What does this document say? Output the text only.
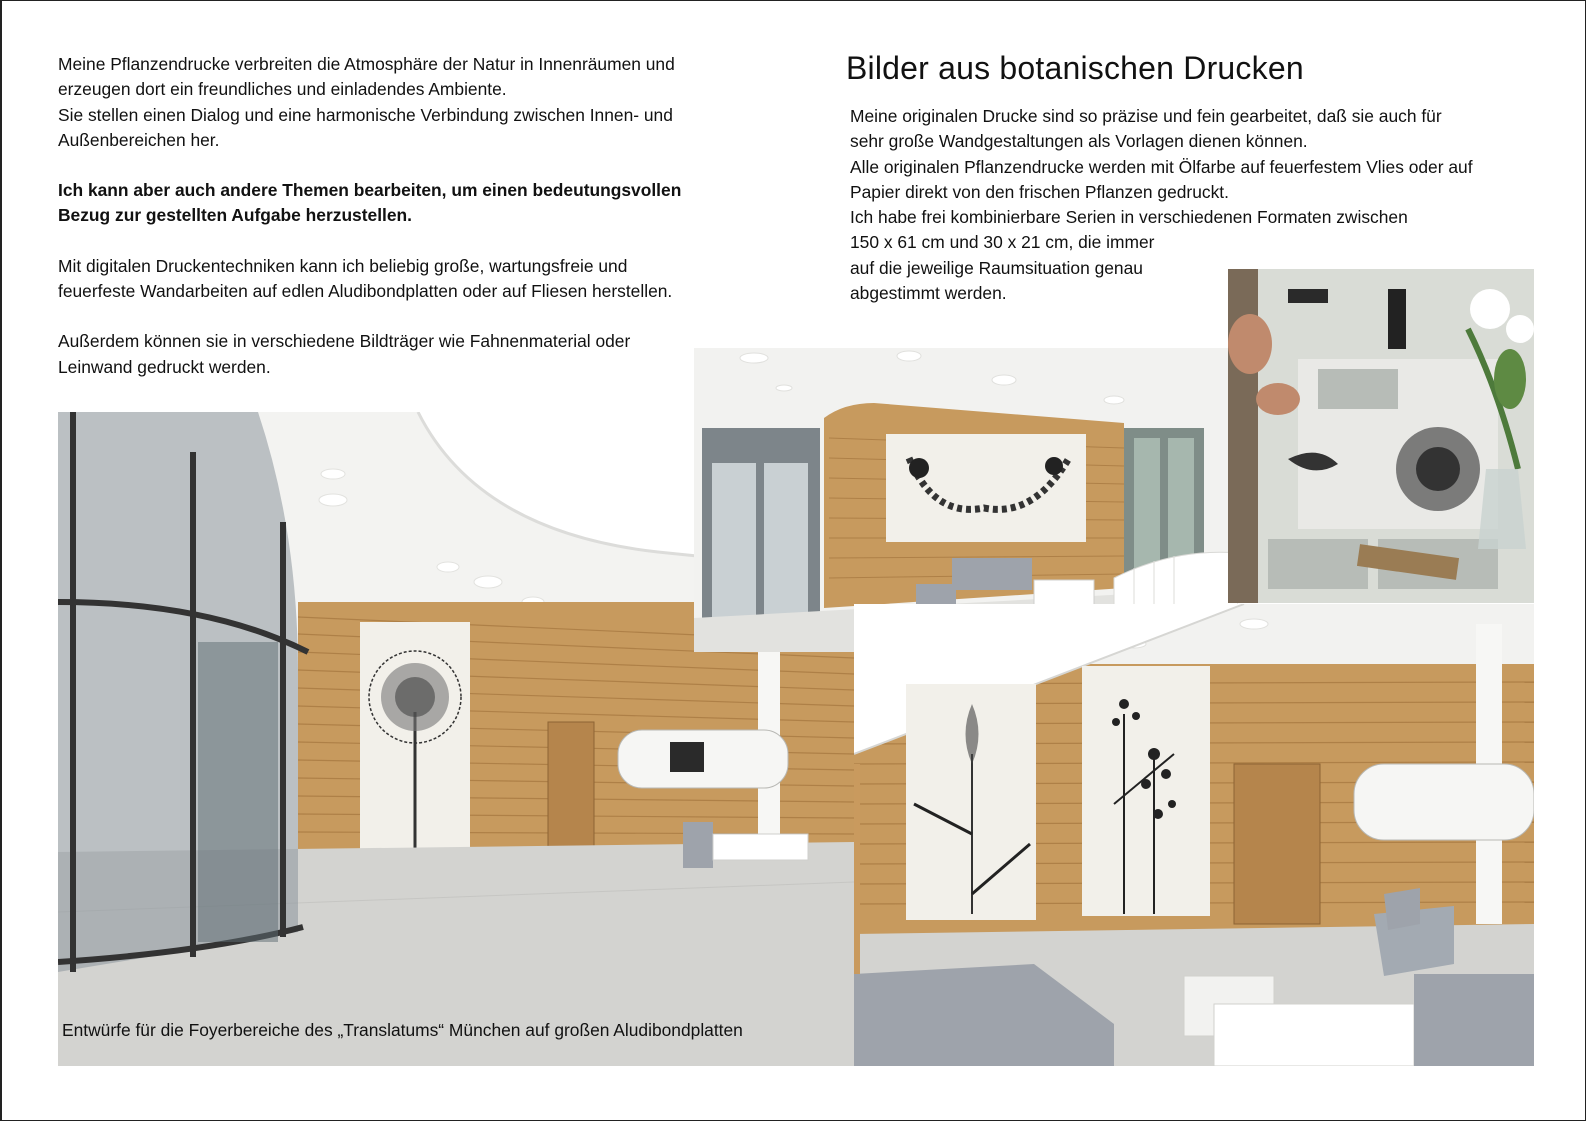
Meine Pflanzendrucke verbreiten die Atmosphäre der Natur in Innenräumen und

erzeugen dort ein freundliches und einladendes Ambiente.

Sie stellen einen Dialog und eine harmonische Verbindung zwischen Innen- und

Außenbereichen her.

Ich kann aber auch andere Themen bearbeiten, um einen bedeutungsvollen

Bezug zur gestellten Aufgabe herzustellen.

Mit digitalen Druckentechniken kann ich beliebig große, wartungsfreie und

feuerfeste Wandarbeiten auf edlen Aludibondplatten oder auf Fliesen herstellen.

Außerdem können sie in verschiedene Bildträger wie Fahnenmaterial oder

Leinwand gedruckt werden.

Bilder aus botanischen Drucken

Meine originalen Drucke sind so präzise und fein gearbeitet, daß sie auch für

sehr große Wandgestaltungen als Vorlagen dienen können.

Alle originalen Pflanzendrucke werden mit Ölfarbe auf feuerfestem Vlies oder auf

Papier direkt von den frischen Pflanzen gedruckt.

Ich habe frei kombinierbare Serien in verschiedenen Formaten zwischen

150 x 61 cm und 30 x 21 cm, die immer

auf die jeweilige Raumsituation genau

abgestimmt werden.

Entwürfe für die Foyerbereiche des „Translatums“ München auf großen Aludibondplatten
